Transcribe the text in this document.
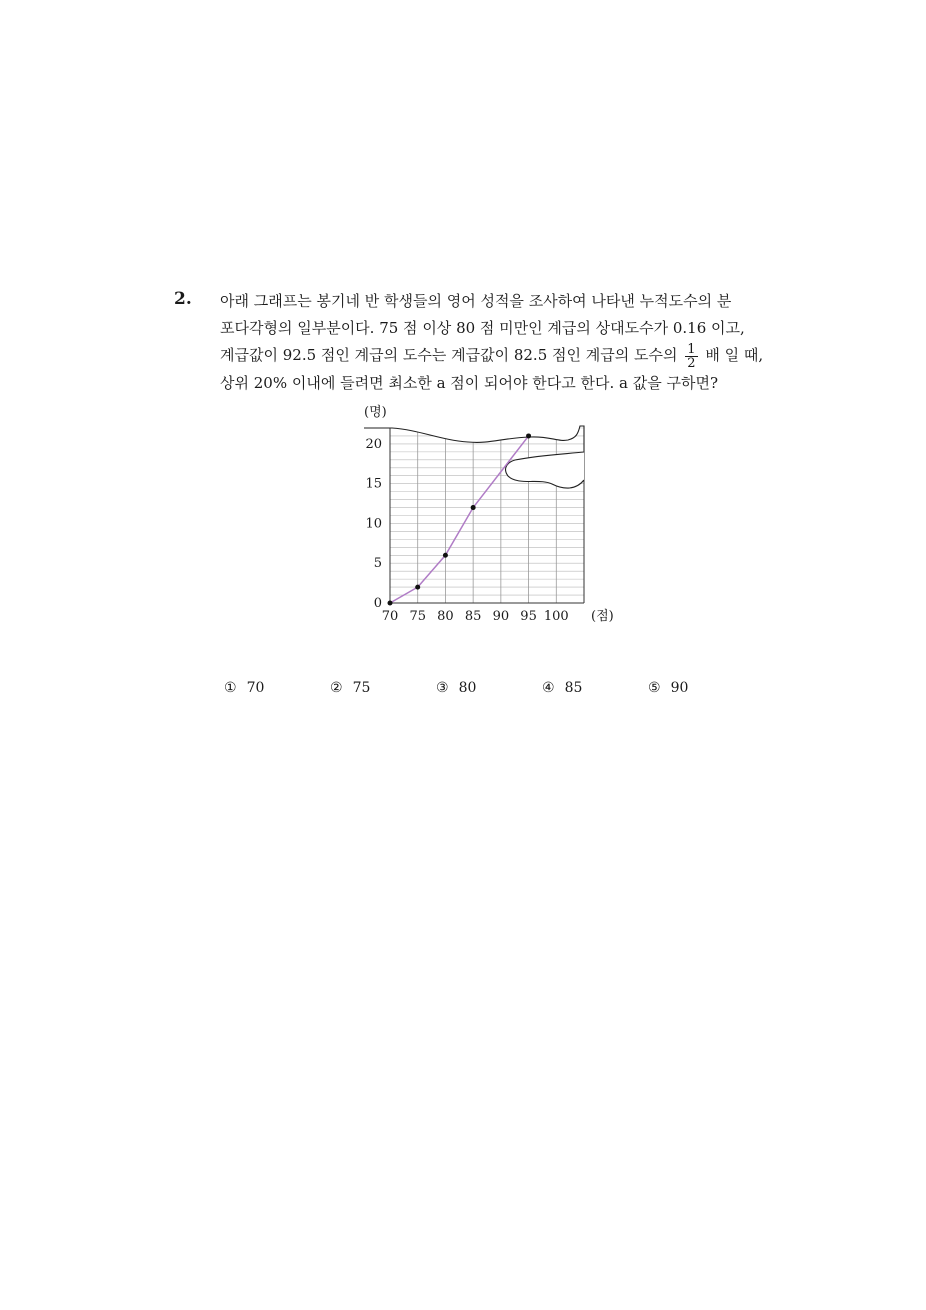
2. 아래 그래프는 봉기네 반 학생들의 영어 성적을 조사하여 나타낸 누적도수의 분
포다각형의 일부분이다. 75 점 이상 80 점 미만인 계급의 상대도수가 0.16 이고,
계급값이 92.5 점인 계급의 도수는 계급값이 82.5 점인 계급의 도수의 $\frac{1}{2}$ 배 일 때,
상위 20% 이내에 들려면 최소한 a 점이 되어야 한다고 한다. a 값을 구하면?
70 75 80 85 90 95 100
0
5
10
15
20
(명)
(점)
① 70	② 75	③ 80	④ 85	⑤ 90
